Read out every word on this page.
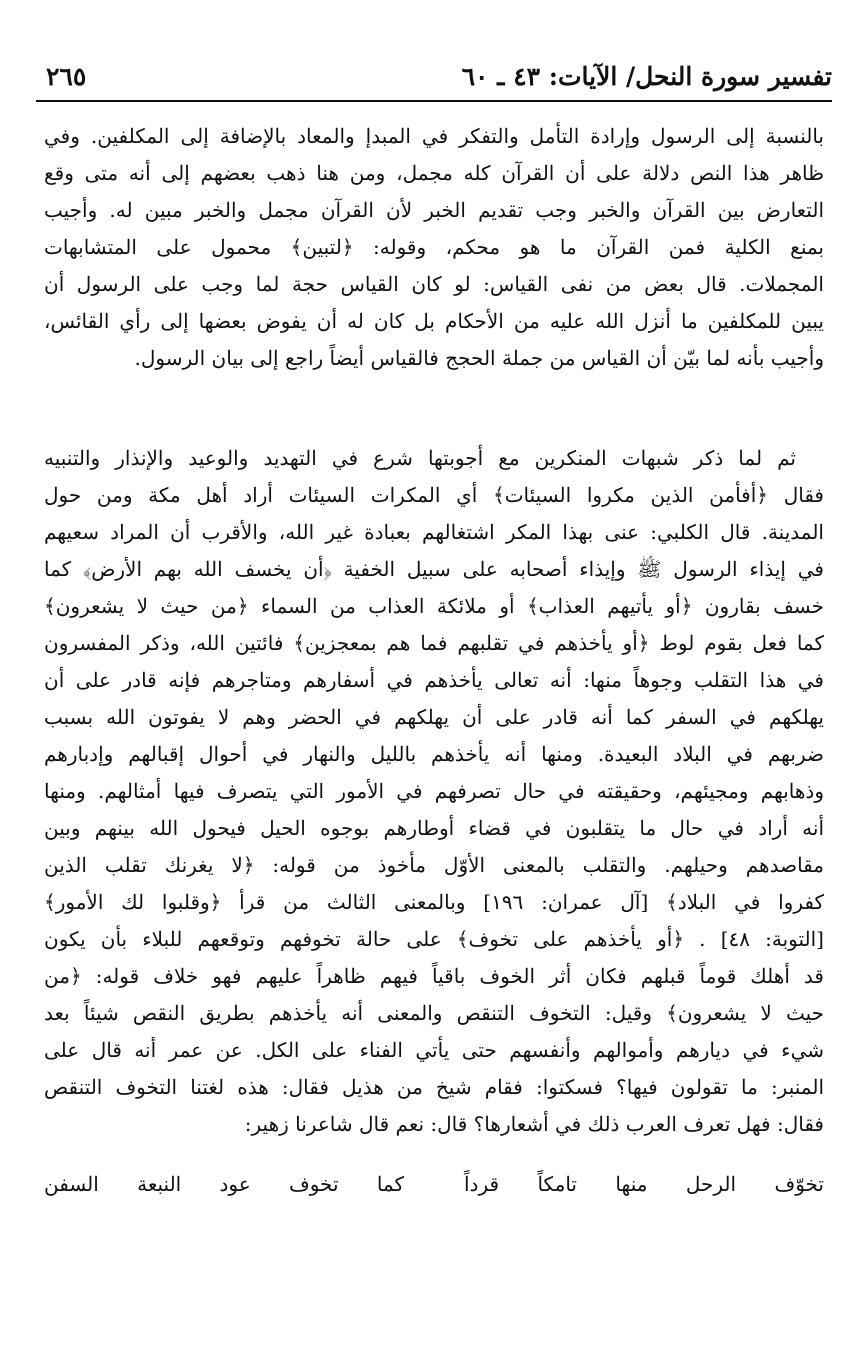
تفسير سورة النحل/ الآيات: ٤٣ ـ ٦٠
٢٦٥
بالنسبة إلى الرسول وإرادة التأمل والتفكر في المبدإ والمعاد بالإضافة إلى المكلفين. وفي
ظاهر هذا النص دلالة على أن القرآن كله مجمل، ومن هنا ذهب بعضهم إلى أنه متى وقع
التعارض بين القرآن والخبر وجب تقديم الخبر لأن القرآن مجمل والخبر مبين له. وأجيب
بمنع الكلية فمن القرآن ما هو محكم، وقوله: ﴿لتبين﴾ محمول على المتشابهات
المجملات. قال بعض من نفى القياس: لو كان القياس حجة لما وجب على الرسول أن
يبين للمكلفين ما أنزل الله عليه من الأحكام بل كان له أن يفوض بعضها إلى رأي القائس،
وأجيب بأنه لما بيّن أن القياس من جملة الحجج فالقياس أيضاً راجع إلى بيان الرسول.
ثم لما ذكر شبهات المنكرين مع أجوبتها شرع في التهديد والوعيد والإنذار والتنبيه
فقال ﴿أفأمن الذين مكروا السيئات﴾ أي المكرات السيئات أراد أهل مكة ومن حول
المدينة. قال الكلبي: عنى بهذا المكر اشتغالهم بعبادة غير الله، والأقرب أن المراد سعيهم
في إيذاء الرسول ﷺ وإيذاء أصحابه على سبيل الخفية ﴿أن يخسف الله بهم الأرض﴾ كما
خسف بقارون ﴿أو يأتيهم العذاب﴾ أو ملائكة العذاب من السماء ﴿من حيث لا يشعرون﴾
كما فعل بقوم لوط ﴿أو يأخذهم في تقلبهم فما هم بمعجزين﴾ فائتين الله، وذكر المفسرون
في هذا التقلب وجوهاً منها: أنه تعالى يأخذهم في أسفارهم ومتاجرهم فإنه قادر على أن
يهلكهم في السفر كما أنه قادر على أن يهلكهم في الحضر وهم لا يفوتون الله بسبب
ضربهم في البلاد البعيدة. ومنها أنه يأخذهم بالليل والنهار في أحوال إقبالهم وإدبارهم
وذهابهم ومجيئهم، وحقيقته في حال تصرفهم في الأمور التي يتصرف فيها أمثالهم. ومنها
أنه أراد في حال ما يتقلبون في قضاء أوطارهم بوجوه الحيل فيحول الله بينهم وبين
مقاصدهم وحيلهم. والتقلب بالمعنى الأوّل مأخوذ من قوله: ﴿لا يغرنك تقلب الذين
كفروا في البلاد﴾ [آل عمران: ١٩٦] وبالمعنى الثالث من قرأ ﴿وقلبوا لك الأمور﴾
[التوبة: ٤٨] . ﴿أو يأخذهم على تخوف﴾ على حالة تخوفهم وتوقعهم للبلاء بأن يكون
قد أهلك قوماً قبلهم فكان أثر الخوف باقياً فيهم ظاهراً عليهم فهو خلاف قوله: ﴿من
حيث لا يشعرون﴾ وقيل: التخوف التنقص والمعنى أنه يأخذهم بطريق النقص شيئاً بعد
شيء في ديارهم وأموالهم وأنفسهم حتى يأتي الفناء على الكل. عن عمر أنه قال على
المنبر: ما تقولون فيها؟ فسكتوا: فقام شيخ من هذيل فقال: هذه لغتنا التخوف التنقص
فقال: فهل تعرف العرب ذلك في أشعارها؟ قال: نعم قال شاعرنا زهير:
تخوّف الرحل منها تامكاً قرداً
كما تخوف عود النبعة السفن
